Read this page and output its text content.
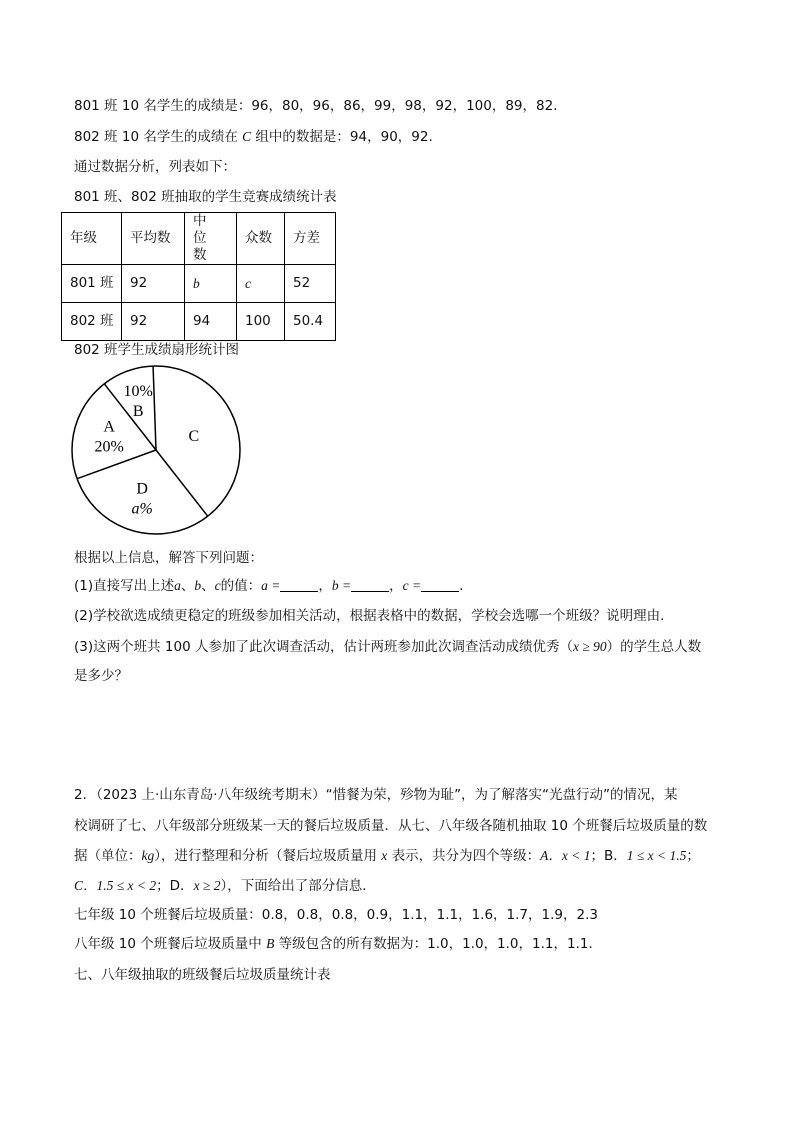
801 班 10 名学生的成绩是：96，80，96，86，99，98，92，100，89，82.
802 班 10 名学生的成绩在 C 组中的数据是：94，90，92.
通过数据分析，列表如下：
801 班、802 班抽取的学生竞赛成绩统计表
年级	平均数	中位数	众数	方差
801 班	92	b	c	52
802 班	92	94	100	50.4
802 班学生成绩扇形统计图
A
20%
10%
B
C
D
a%
根据以上信息，解答下列问题：
(1)直接写出上述a、b、c的值：a =	，b =	，c =	.
(2)学校欲选成绩更稳定的班级参加相关活动，根据表格中的数据，学校会选哪一个班级？说明理由.
(3)这两个班共 100 人参加了此次调查活动，估计两班参加此次调查活动成绩优秀（x ≥ 90）的学生总人数
是多少？
2．（2023 上·山东青岛·八年级统考期末）“惜餐为荣，殄物为耻”，为了解落实“光盘行动”的情况，某
校调研了七、八年级部分班级某一天的餐后垃圾质量．从七、八年级各随机抽取 10 个班餐后垃圾质量的数
据（单位：kg），进行整理和分析（餐后垃圾质量用 x 表示，共分为四个等级：A．x < 1；B．1 ≤ x < 1.5；
C．1.5 ≤ x < 2；D．x ≥ 2），下面给出了部分信息．
七年级 10 个班餐后垃圾质量：0.8，0.8，0.8，0.9，1.1，1.1，1.6，1.7，1.9，2.3
八年级 10 个班餐后垃圾质量中 B 等级包含的所有数据为：1.0，1.0，1.0，1.1，1.1．
七、八年级抽取的班级餐后垃圾质量统计表
